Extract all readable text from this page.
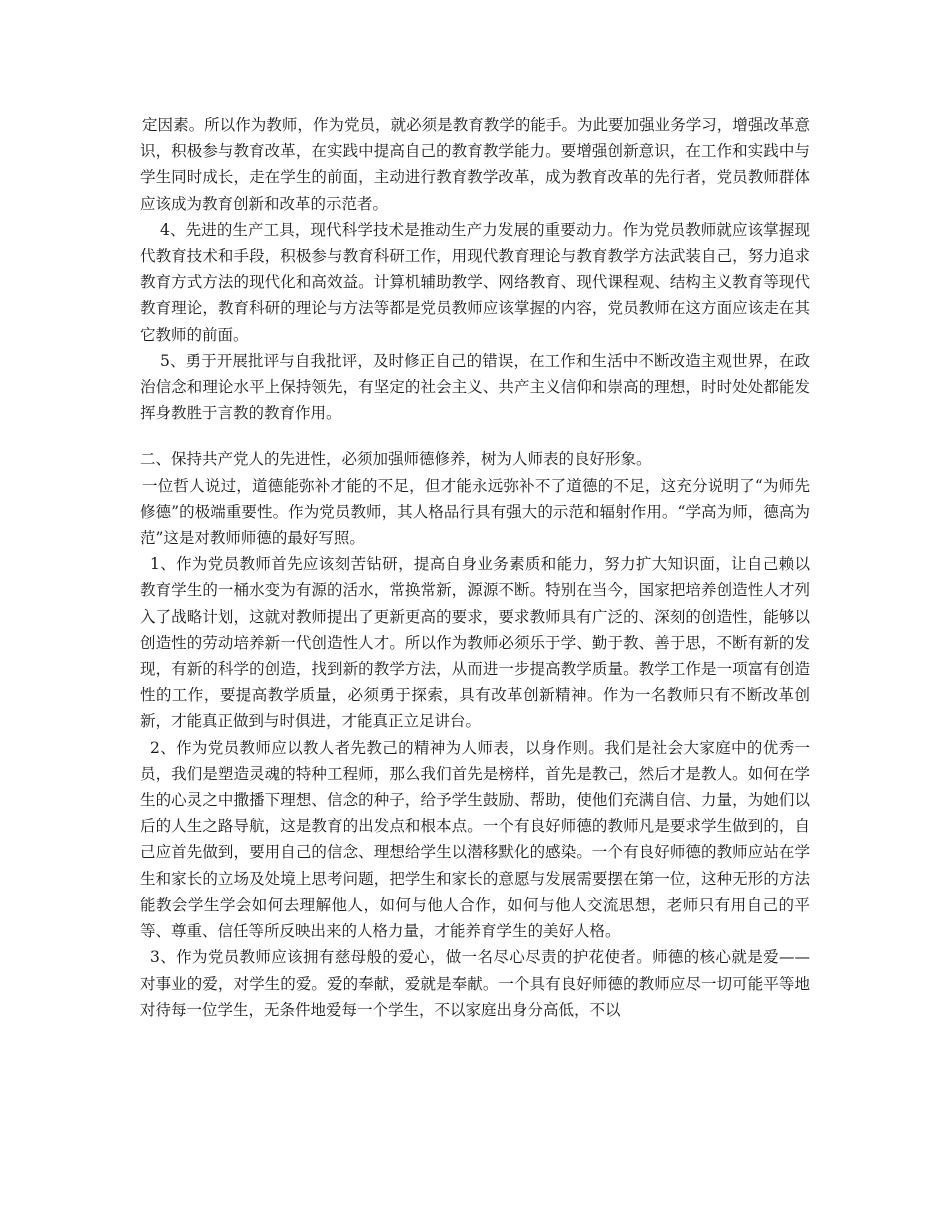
定因素。所以作为教师，作为党员，就必须是教育教学的能手。为此要加强业务学习，增强改革意识，积极参与教育改革，在实践中提高自己的教育教学能力。要增强创新意识，在工作和实践中与学生同时成长，走在学生的前面，主动进行教育教学改革，成为教育改革的先行者，党员教师群体应该成为教育创新和改革的示范者。

4、先进的生产工具，现代科学技术是推动生产力发展的重要动力。作为党员教师就应该掌握现代教育技术和手段，积极参与教育科研工作，用现代教育理论与教育教学方法武装自己，努力追求教育方式方法的现代化和高效益。计算机辅助教学、网络教育、现代课程观、结构主义教育等现代教育理论，教育科研的理论与方法等都是党员教师应该掌握的内容，党员教师在这方面应该走在其它教师的前面。

5、勇于开展批评与自我批评，及时修正自己的错误，在工作和生活中不断改造主观世界，在政治信念和理论水平上保持领先，有坚定的社会主义、共产主义信仰和崇高的理想，时时处处都能发挥身教胜于言教的教育作用。

二、保持共产党人的先进性，必须加强师德修养，树为人师表的良好形象。

一位哲人说过，道德能弥补才能的不足，但才能永远弥补不了道德的不足，这充分说明了“为师先修德”的极端重要性。作为党员教师，其人格品行具有强大的示范和辐射作用。“学高为师，德高为范”这是对教师师德的最好写照。

1、作为党员教师首先应该刻苦钻研，提高自身业务素质和能力，努力扩大知识面，让自己赖以教育学生的一桶水变为有源的活水，常换常新，源源不断。特别在当今，国家把培养创造性人才列入了战略计划，这就对教师提出了更新更高的要求，要求教师具有广泛的、深刻的创造性，能够以创造性的劳动培养新一代创造性人才。所以作为教师必须乐于学、勤于教、善于思，不断有新的发现，有新的科学的创造，找到新的教学方法，从而进一步提高教学质量。教学工作是一项富有创造性的工作，要提高教学质量，必须勇于探索，具有改革创新精神。作为一名教师只有不断改革创新，才能真正做到与时俱进，才能真正立足讲台。

2、作为党员教师应以教人者先教己的精神为人师表，以身作则。我们是社会大家庭中的优秀一员，我们是塑造灵魂的特种工程师，那么我们首先是榜样，首先是教己，然后才是教人。如何在学生的心灵之中撒播下理想、信念的种子，给予学生鼓励、帮助，使他们充满自信、力量，为她们以后的人生之路导航，这是教育的出发点和根本点。一个有良好师德的教师凡是要求学生做到的，自己应首先做到，要用自己的信念、理想给学生以潜移默化的感染。一个有良好师德的教师应站在学生和家长的立场及处境上思考问题，把学生和家长的意愿与发展需要摆在第一位，这种无形的方法能教会学生学会如何去理解他人，如何与他人合作，如何与他人交流思想，老师只有用自己的平等、尊重、信任等所反映出来的人格力量，才能养育学生的美好人格。

3、作为党员教师应该拥有慈母般的爱心，做一名尽心尽责的护花使者。师德的核心就是爱——对事业的爱，对学生的爱。爱的奉献，爱就是奉献。一个具有良好师德的教师应尽一切可能平等地对待每一位学生，无条件地爱每一个学生，不以家庭出身分高低，不以
